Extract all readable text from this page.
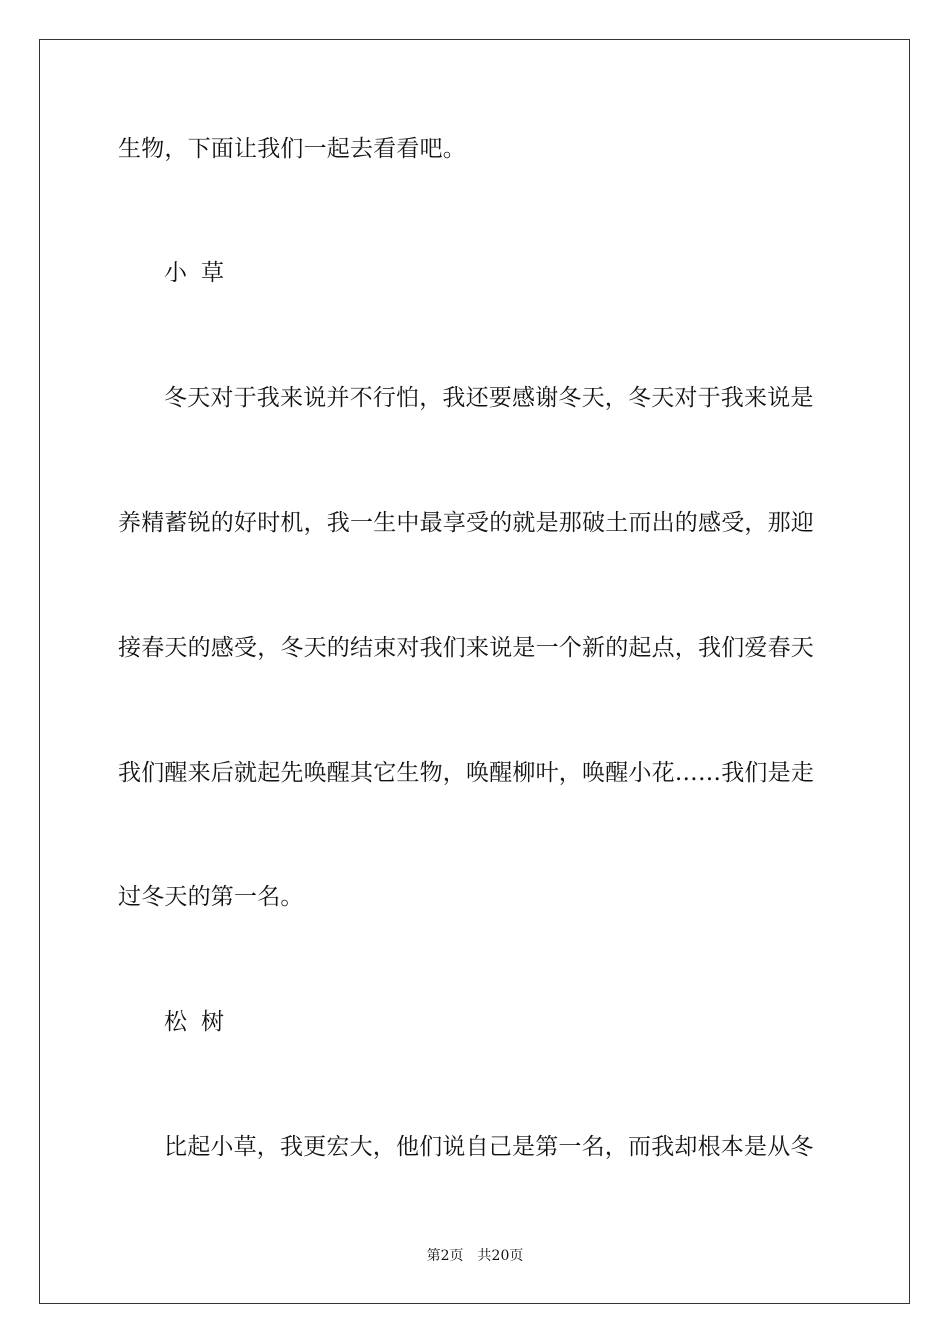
生物，下面让我们一起去看看吧。
小草
冬天对于我来说并不行怕，我还要感谢冬天，冬天对于我来说是
养精蓄锐的好时机，我一生中最享受的就是那破土而出的感受，那迎
接春天的感受，冬天的结束对我们来说是一个新的起点，我们爱春天
我们醒来后就起先唤醒其它生物，唤醒柳叶，唤醒小花……我们是走
过冬天的第一名。
松树
比起小草，我更宏大，他们说自己是第一名，而我却根本是从冬
第2页　共20页
